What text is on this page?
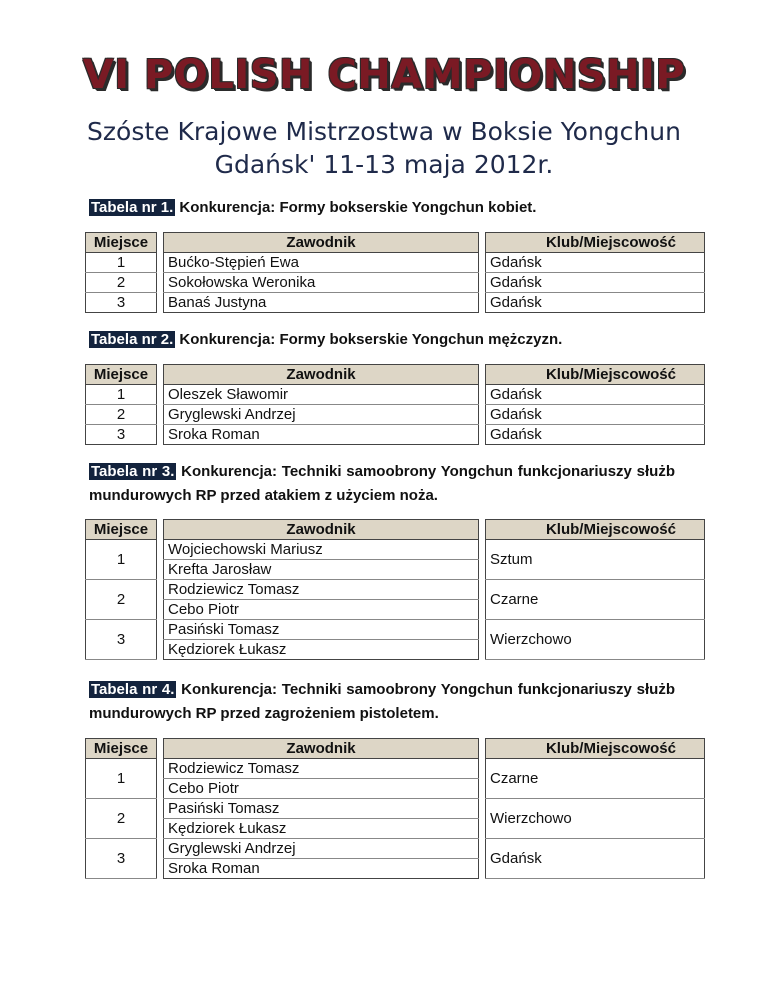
VI POLISH CHAMPIONSHIP
Szóste Krajowe Mistrzostwa w Boksie Yongchun
Gdańsk' 11-13 maja 2012r.
Tabela nr 1. Konkurencja: Formy bokserskie Yongchun kobiet.
Miejsce		Zawodnik		Klub/Miejscowość
1		Bućko-Stępień Ewa		Gdańsk
2		Sokołowska Weronika		Gdańsk
3		Banaś Justyna		Gdańsk
Tabela nr 2. Konkurencja: Formy bokserskie Yongchun mężczyzn.
Miejsce		Zawodnik		Klub/Miejscowość
1		Oleszek Sławomir		Gdańsk
2		Gryglewski Andrzej		Gdańsk
3		Sroka Roman		Gdańsk
Tabela nr 3. Konkurencja: Techniki samoobrony Yongchun funkcjonariuszy służb mundurowych RP przed atakiem z użyciem noża.
Miejsce		Zawodnik		Klub/Miejscowość
1		Wojciechowski Mariusz		Sztum
		Krefta Jarosław		
2		Rodziewicz Tomasz		Czarne
		Cebo Piotr		
3		Pasiński Tomasz		Wierzchowo
		Kędziorek Łukasz		
Tabela nr 4. Konkurencja: Techniki samoobrony Yongchun funkcjonariuszy służb mundurowych RP przed zagrożeniem pistoletem.
Miejsce		Zawodnik		Klub/Miejscowość
1		Rodziewicz Tomasz		Czarne
		Cebo Piotr		
2		Pasiński Tomasz		Wierzchowo
		Kędziorek Łukasz		
3		Gryglewski Andrzej		Gdańsk
		Sroka Roman		
